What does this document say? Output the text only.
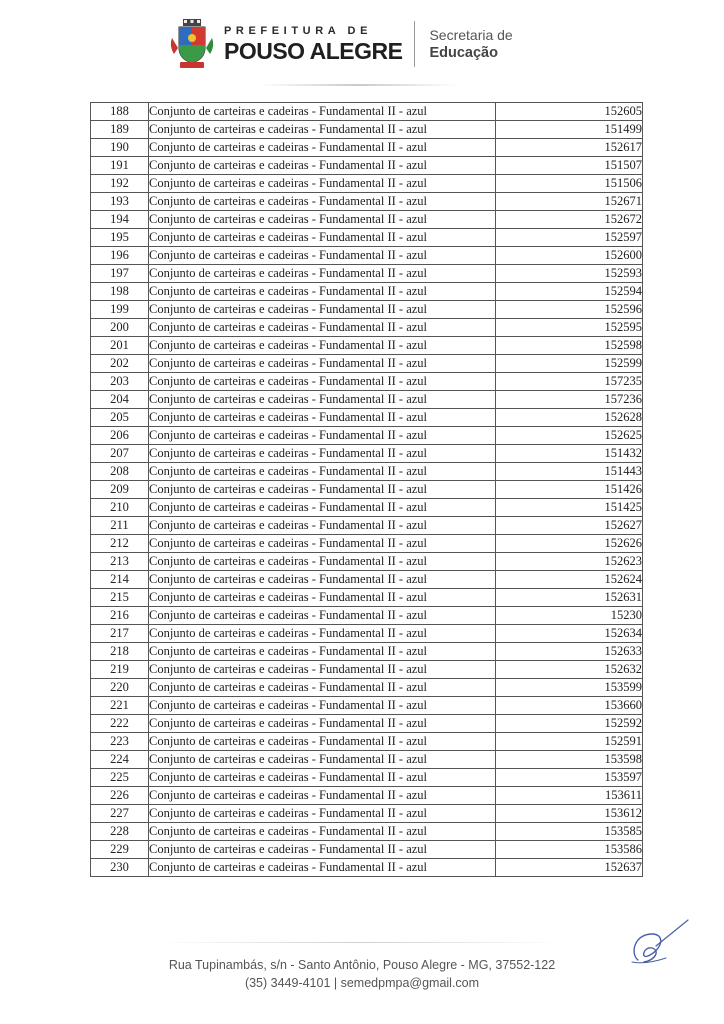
PREFEITURA DE
POUSO ALEGRE
Secretaria de
Educação
188	Conjunto de carteiras e cadeiras - Fundamental II - azul	152605
189	Conjunto de carteiras e cadeiras - Fundamental II - azul	151499
190	Conjunto de carteiras e cadeiras - Fundamental II - azul	152617
191	Conjunto de carteiras e cadeiras - Fundamental II - azul	151507
192	Conjunto de carteiras e cadeiras - Fundamental II - azul	151506
193	Conjunto de carteiras e cadeiras - Fundamental II - azul	152671
194	Conjunto de carteiras e cadeiras - Fundamental II - azul	152672
195	Conjunto de carteiras e cadeiras - Fundamental II - azul	152597
196	Conjunto de carteiras e cadeiras - Fundamental II - azul	152600
197	Conjunto de carteiras e cadeiras - Fundamental II - azul	152593
198	Conjunto de carteiras e cadeiras - Fundamental II - azul	152594
199	Conjunto de carteiras e cadeiras - Fundamental II - azul	152596
200	Conjunto de carteiras e cadeiras - Fundamental II - azul	152595
201	Conjunto de carteiras e cadeiras - Fundamental II - azul	152598
202	Conjunto de carteiras e cadeiras - Fundamental II - azul	152599
203	Conjunto de carteiras e cadeiras - Fundamental II - azul	157235
204	Conjunto de carteiras e cadeiras - Fundamental II - azul	157236
205	Conjunto de carteiras e cadeiras - Fundamental II - azul	152628
206	Conjunto de carteiras e cadeiras - Fundamental II - azul	152625
207	Conjunto de carteiras e cadeiras - Fundamental II - azul	151432
208	Conjunto de carteiras e cadeiras - Fundamental II - azul	151443
209	Conjunto de carteiras e cadeiras - Fundamental II - azul	151426
210	Conjunto de carteiras e cadeiras - Fundamental II - azul	151425
211	Conjunto de carteiras e cadeiras - Fundamental II - azul	152627
212	Conjunto de carteiras e cadeiras - Fundamental II - azul	152626
213	Conjunto de carteiras e cadeiras - Fundamental II - azul	152623
214	Conjunto de carteiras e cadeiras - Fundamental II - azul	152624
215	Conjunto de carteiras e cadeiras - Fundamental II - azul	152631
216	Conjunto de carteiras e cadeiras - Fundamental II - azul	15230
217	Conjunto de carteiras e cadeiras - Fundamental II - azul	152634
218	Conjunto de carteiras e cadeiras - Fundamental II - azul	152633
219	Conjunto de carteiras e cadeiras - Fundamental II - azul	152632
220	Conjunto de carteiras e cadeiras - Fundamental II - azul	153599
221	Conjunto de carteiras e cadeiras - Fundamental II - azul	153660
222	Conjunto de carteiras e cadeiras - Fundamental II - azul	152592
223	Conjunto de carteiras e cadeiras - Fundamental II - azul	152591
224	Conjunto de carteiras e cadeiras - Fundamental II - azul	153598
225	Conjunto de carteiras e cadeiras - Fundamental II - azul	153597
226	Conjunto de carteiras e cadeiras - Fundamental II - azul	153611
227	Conjunto de carteiras e cadeiras - Fundamental II - azul	153612
228	Conjunto de carteiras e cadeiras - Fundamental II - azul	153585
229	Conjunto de carteiras e cadeiras - Fundamental II - azul	153586
230	Conjunto de carteiras e cadeiras - Fundamental II - azul	152637
Rua Tupinambás, s/n - Santo Antônio, Pouso Alegre - MG, 37552-122
(35) 3449-4101 | semedpmpa@gmail.com
